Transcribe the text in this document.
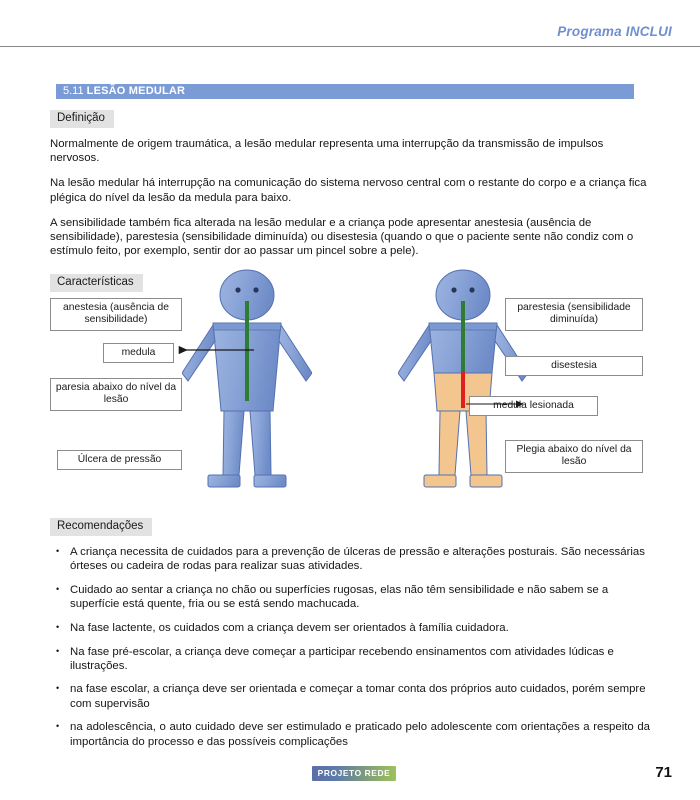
Programa INCLUI
5.11 LESÃO MEDULAR
Definição

Normalmente de origem traumática, a lesão medular representa uma interrupção da transmissão de impulsos nervosos.

Na lesão medular há interrupção na comunicação do sistema nervoso central com o restante do corpo e a criança fica plégica do nível da lesão da medula para baixo.

A sensibilidade também fica alterada na lesão medular e a criança pode apresentar anestesia (ausência de sensibilidade), parestesia (sensibilidade diminuída) ou disestesia (quando o que o paciente sente não condiz com o estímulo feito, por exemplo, sentir dor ao passar um pincel sobre a pele).

Características
anestesia (ausência de sensibilidade)
medula
paresia abaixo do nível da lesão
Úlcera de pressão
parestesia (sensibilidade diminuída)
disestesia
medula lesionada
Plegia abaixo do nível da lesão
Recomendações
• A criança necessita de cuidados para a prevenção de úlceras de pressão e alterações posturais. São necessárias órteses ou cadeira de rodas para realizar suas atividades.
• Cuidado ao sentar a criança no chão ou superfícies rugosas, elas não têm sensibilidade e não sabem se a superfície está quente, fria ou se está sendo machucada.
• Na fase lactente, os cuidados com a criança devem ser orientados à família cuidadora.
• Na fase pré-escolar, a criança deve começar a participar recebendo ensinamentos com atividades lúdicas e ilustrações.
• na fase escolar, a criança deve ser orientada e começar a tomar conta dos próprios auto cuidados, porém sempre com supervisão
• na adolescência, o auto cuidado deve ser estimulado e praticado pelo adolescente com orientações a respeito da importância do processo e das possíveis complicações
PROJETO REDE	71
